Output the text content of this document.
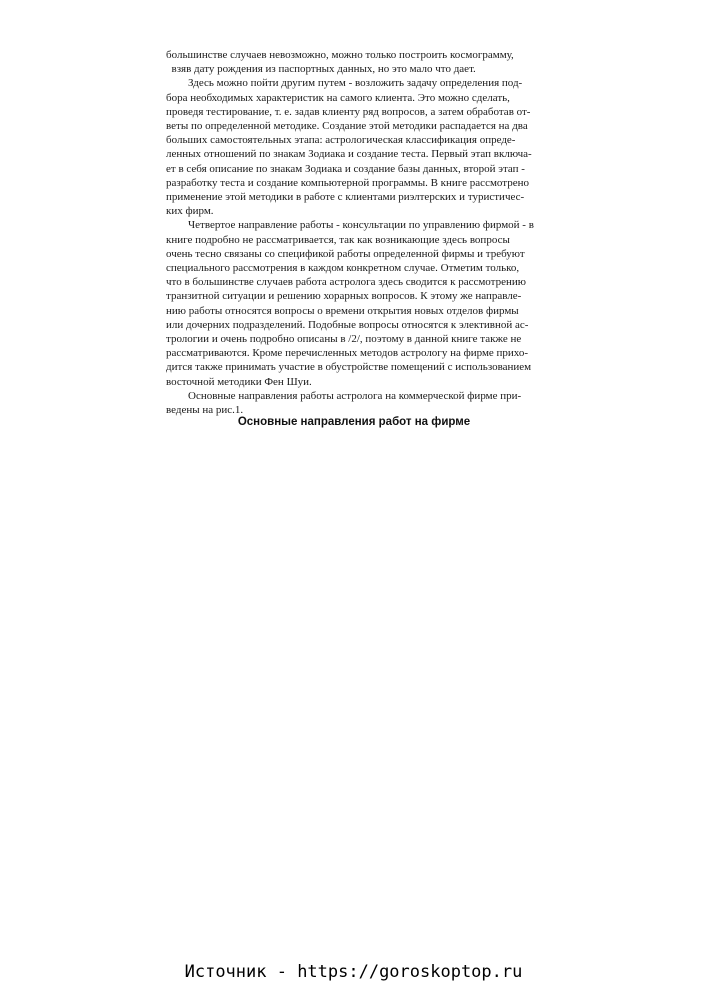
большинстве случаев невозможно, можно только построить космограмму,
взяв дату рождения из паспортных данных, но это мало что дает.
Здесь можно пойти другим путем - возложить задачу определения под-
бора необходимых характеристик на самого клиента. Это можно сделать,
проведя тестирование, т. е. задав клиенту ряд вопросов, а затем обработав от-
веты по определенной методике. Создание этой методики распадается на два
больших самостоятельных этапа: астрологическая классификация опреде-
ленных отношений по знакам Зодиака и создание теста. Первый этап включа-
ет в себя описание по знакам Зодиака и создание базы данных, второй этап -
разработку теста и создание компьютерной программы. В книге рассмотрено
применение этой методики в работе с клиентами риэлтерских и туристичес-
ких фирм.
Четвертое направление работы - консультации по управлению фирмой - в
книге подробно не рассматривается, так как возникающие здесь вопросы
очень тесно связаны со спецификой работы определенной фирмы и требуют
специального рассмотрения в каждом конкретном случае. Отметим только,
что в большинстве случаев работа астролога здесь сводится к рассмотрению
транзитной ситуации и решению хорарных вопросов. К этому же направле-
нию работы относятся вопросы о времени открытия новых отделов фирмы
или дочерних подразделений. Подобные вопросы относятся к элективной ас-
трологии и очень подробно описаны в /2/, поэтому в данной книге также не
рассматриваются. Кроме перечисленных методов астрологу на фирме прихо-
дится также принимать участие в обустройстве помещений с использованием
восточной методики Фен Шуи.
Основные направления работы астролога на коммерческой фирме при-
ведены на рис.1.
Основные направления работ на фирме
Источник - https://goroskoptop.ru
